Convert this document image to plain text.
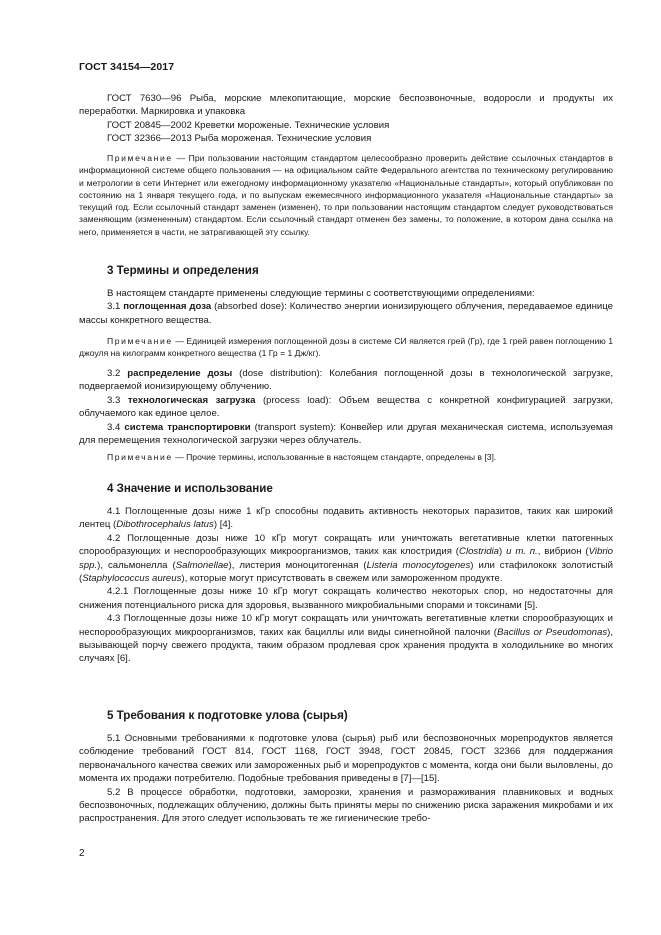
ГОСТ 34154—2017

ГОСТ 7630—96 Рыба, морские млекопитающие, морские беспозвоночные, водоросли и продукты их переработки. Маркировка и упаковка

ГОСТ 20845—2002 Креветки мороженые. Технические условия

ГОСТ 32366—2013 Рыба мороженая. Технические условия

Примечание — При пользовании настоящим стандартом целесообразно проверить действие ссылочных стандартов в информационной системе общего пользования — на официальном сайте Федерального агентства по техническому регулированию и метрологии в сети Интернет или ежегодному информационному указателю «Национальные стандарты», который опубликован по состоянию на 1 января текущего года, и по выпускам ежемесячного информационного указателя «Национальные стандарты» за текущий год. Если ссылочный стандарт заменен (изменен), то при пользовании настоящим стандартом следует руководствоваться заменяющим (измененным) стандартом. Если ссылочный стандарт отменен без замены, то положение, в котором дана ссылка на него, применяется в части, не затрагивающей эту ссылку.

3 Термины и определения

В настоящем стандарте применены следующие термины с соответствующими определениями:

3.1 поглощенная доза (absorbed dose): Количество энергии ионизирующего облучения, передаваемое единице массы конкретного вещества.

Примечание — Единицей измерения поглощенной дозы в системе СИ является грей (Гр), где 1 грей равен поглощению 1 джоуля на килограмм конкретного вещества (1 Гр = 1 Дж/кг).

3.2 распределение дозы (dose distribution): Колебания поглощенной дозы в технологической загрузке, подвергаемой ионизирующему облучению.

3.3 технологическая загрузка (process load): Объем вещества с конкретной конфигурацией загрузки, облучаемого как единое целое.

3.4 система транспортировки (transport system): Конвейер или другая механическая система, используемая для перемещения технологической загрузки через облучатель.

Примечание — Прочие термины, использованные в настоящем стандарте, определены в [3].

4 Значение и использование

4.1 Поглощенные дозы ниже 1 кГр способны подавить активность некоторых паразитов, таких как широкий лентец (Dibothrocephalus latus) [4].

4.2 Поглощенные дозы ниже 10 кГр могут сокращать или уничтожать вегетативные клетки патогенных спорообразующих и неспорообразующих микроорганизмов, таких как клостридия (Clostridia) и т. п., вибрион (Vibrio spp.), сальмонелла (Salmonellae), листерия моноцитогенная (Listeria monocytogenes) или стафилококк золотистый (Staphylococcus aureus), которые могут присутствовать в свежем или замороженном продукте.

4.2.1 Поглощенные дозы ниже 10 кГр могут сокращать количество некоторых спор, но недостаточны для снижения потенциального риска для здоровья, вызванного микробиальными спорами и токсинами [5].

4.3 Поглощенные дозы ниже 10 кГр могут сокращать или уничтожать вегетативные клетки спорообразующих и неспорообразующих микроорганизмов, таких как бациллы или виды синегнойной палочки (Bacillus or Pseudomonas), вызывающей порчу свежего продукта, таким образом продлевая срок хранения продукта в холодильнике во многих случаях [6].

5 Требования к подготовке улова (сырья)

5.1 Основными требованиями к подготовке улова (сырья) рыб или беспозвоночных морепродуктов является соблюдение требований ГОСТ 814, ГОСТ 1168, ГОСТ 3948, ГОСТ 20845, ГОСТ 32366 для поддержания первоначального качества свежих или замороженных рыб и морепродуктов с момента, когда они были выловлены, до момента их продажи потребителю. Подобные требования приведены в [7]—[15].

5.2 В процессе обработки, подготовки, заморозки, хранения и размораживания плавниковых и водных беспозвоночных, подлежащих облучению, должны быть приняты меры по снижению риска заражения микробами и их распространения. Для этого следует использовать те же гигиенические требо-

2
